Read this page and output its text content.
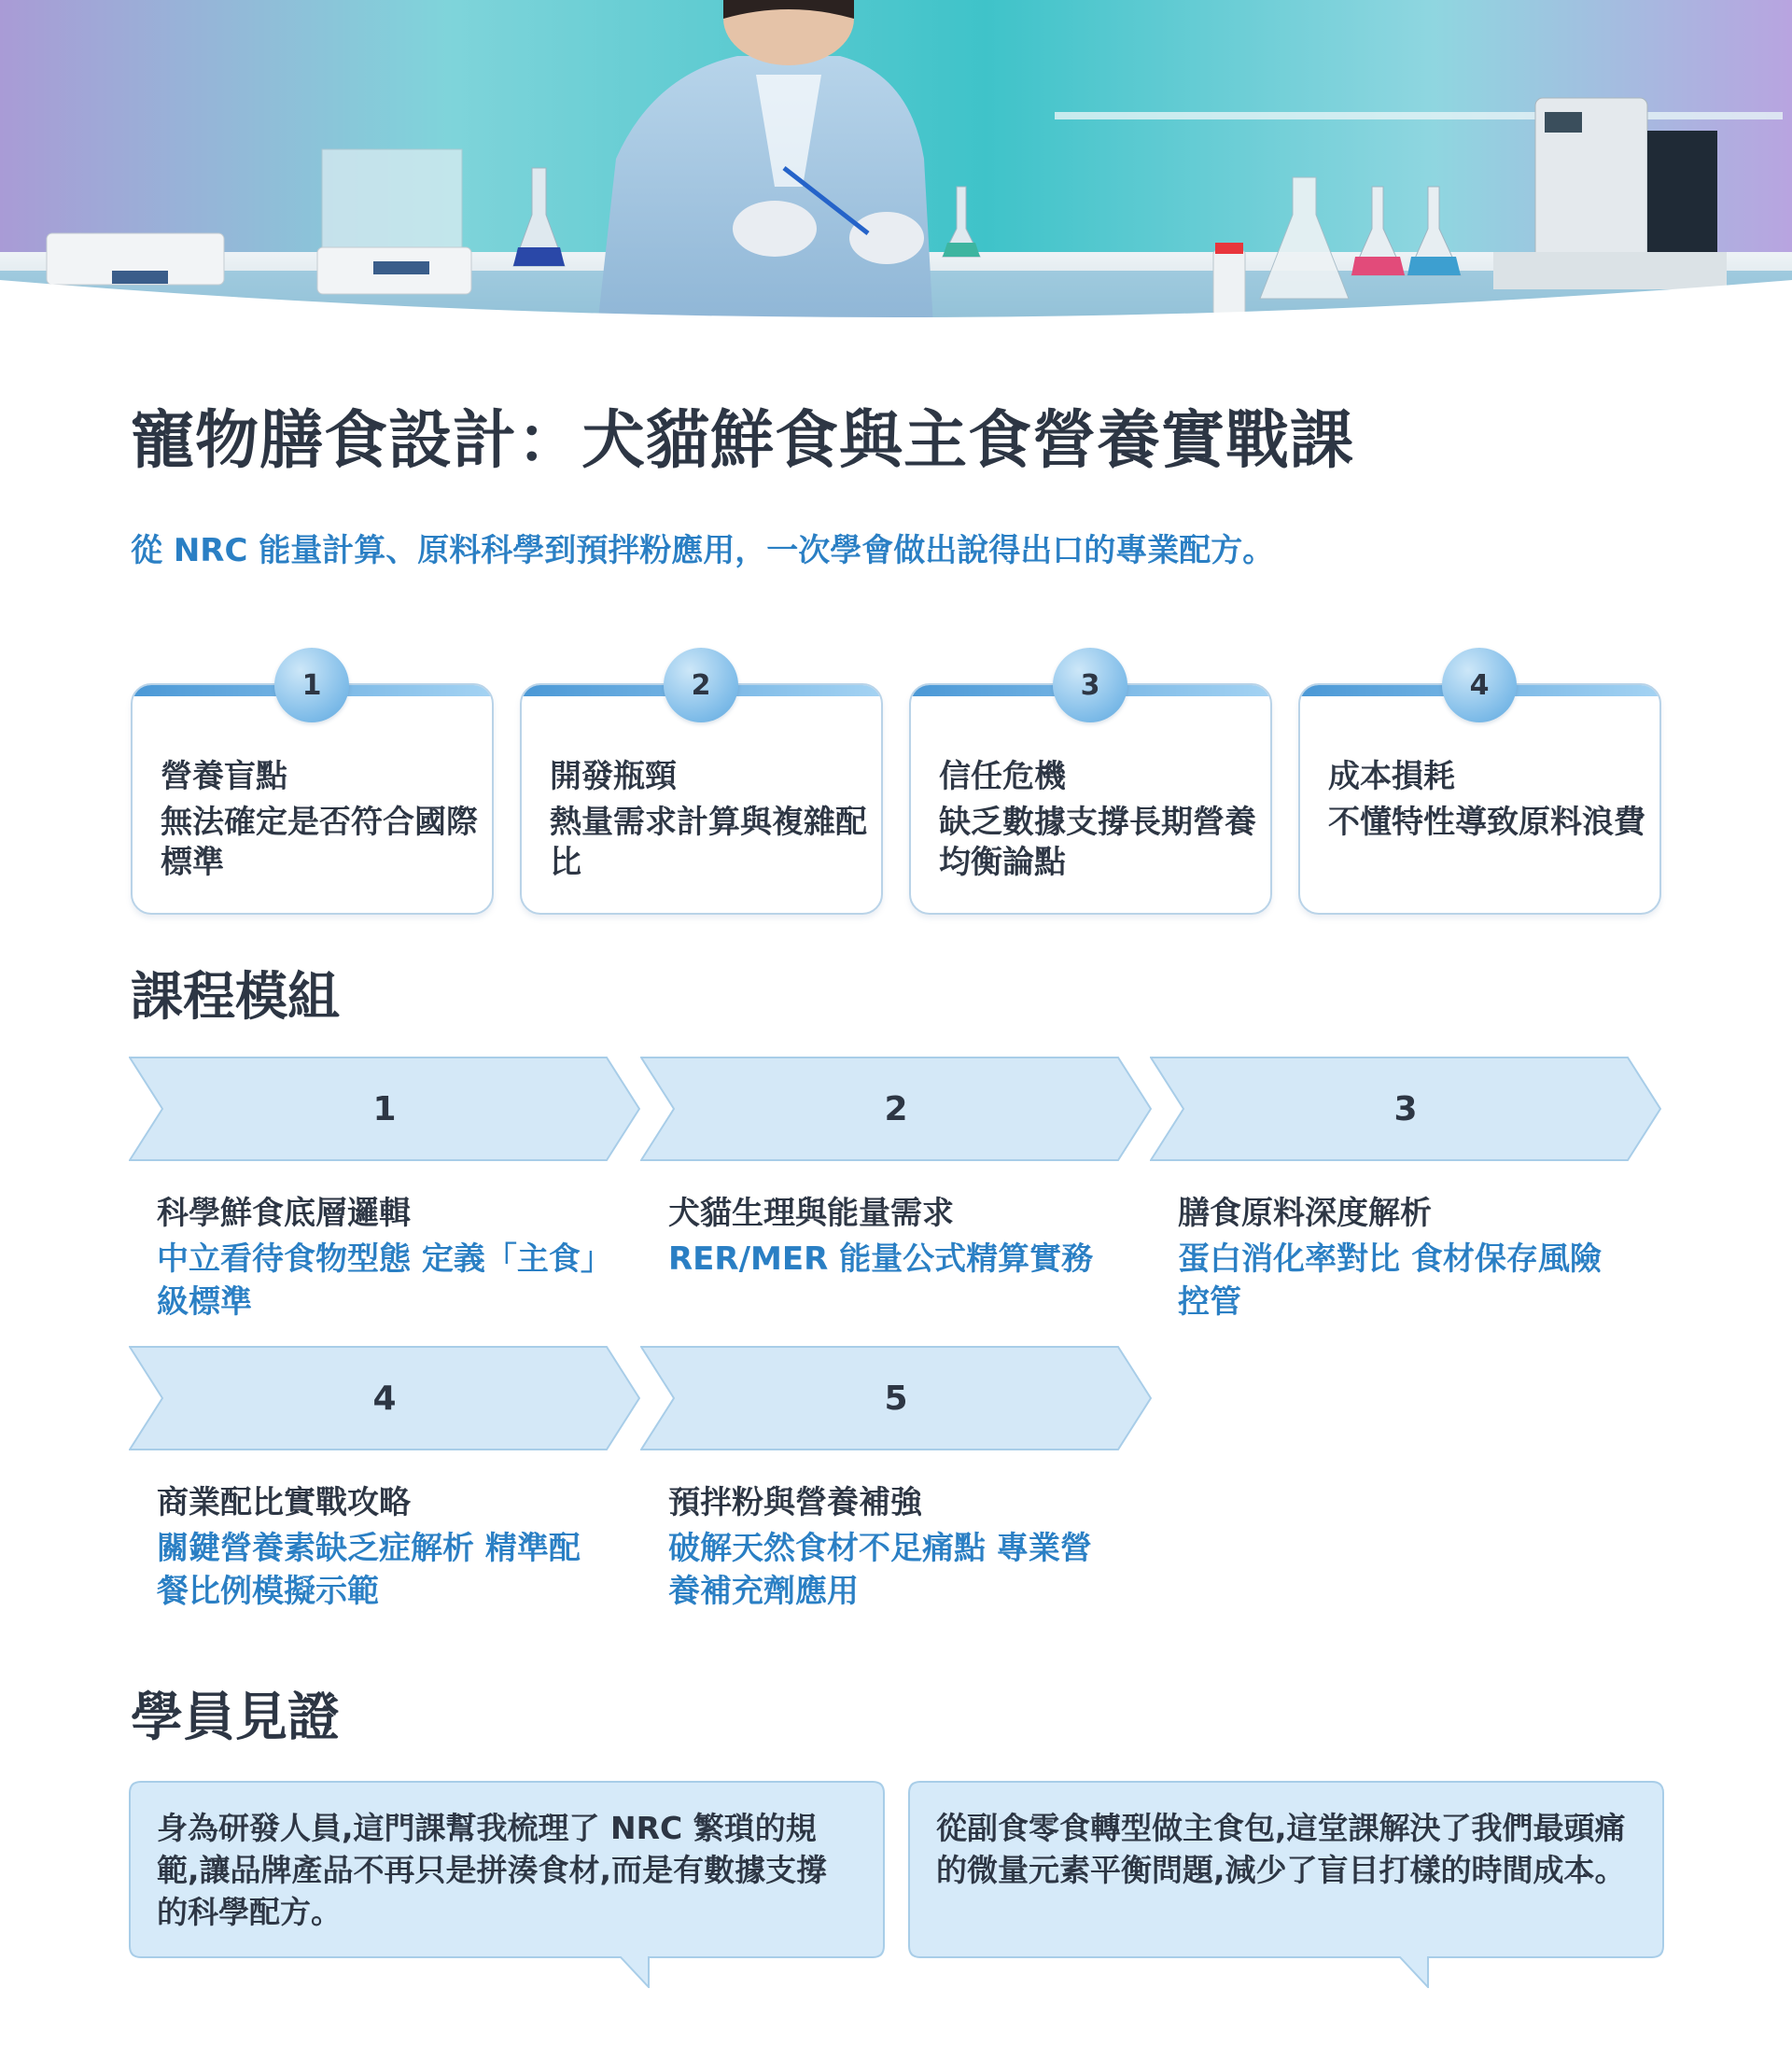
寵物膳食設計：犬貓鮮食與主食營養實戰課

從 NRC 能量計算、原料科學到預拌粉應用，一次學會做出說得出口的專業配方。

營養盲點
無法確定是否符合國際標準
開發瓶頸
熱量需求計算與複雜配比
信任危機
缺乏數據支撐長期營養均衡論點
成本損耗
不懂特性導致原料浪費
1	2	3	4
課程模組
1	2	3
科學鮮食底層邏輯
中立看待食物型態 定義「主食」級標準
犬貓生理與能量需求
RER/MER 能量公式精算實務
膳食原料深度解析
蛋白消化率對比 食材保存風險控管
4	5
商業配比實戰攻略
關鍵營養素缺乏症解析 精準配餐比例模擬示範
預拌粉與營養補強
破解天然食材不足痛點 專業營養補充劑應用
學員見證
身為研發人員,這門課幫我梳理了 NRC 繁瑣的規範,讓品牌產品不再只是拼湊食材,而是有數據支撐的科學配方。
從副食零食轉型做主食包,這堂課解決了我們最頭痛的微量元素平衡問題,減少了盲目打樣的時間成本。
